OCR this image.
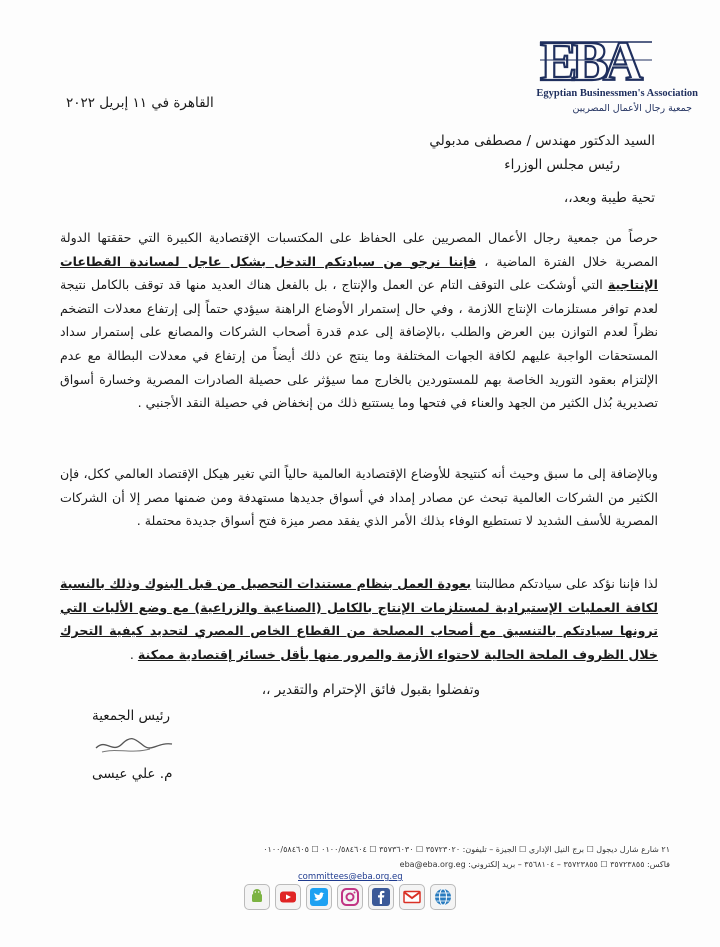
EBA
Egyptian Businessmen's Association
جمعية رجال الأعمال المصريين
القاهرة في ١١ إبريل ٢٠٢٢
السيد الدكتور مهندس / مصطفى مدبولي
رئيس مجلس الوزراء
تحية طيبة وبعد،،
حرصاً من جمعية رجال الأعمال المصريين على الحفاظ على المكتسبات الإقتصادية الكبيرة التي حققتها الدولة المصرية خلال الفترة الماضية ، فإننا نرجو من سيادتكم التدخل بشكل عاجل لمساندة القطاعات الإنتاجية التي أوشكت على التوقف التام عن العمل والإنتاج ، بل بالفعل هناك العديد منها قد توقف بالكامل نتيجة لعدم توافر مستلزمات الإنتاج اللازمة ، وفي حال إستمرار الأوضاع الراهنة سيؤدي حتماً إلى إرتفاع معدلات التضخم نظراً لعدم التوازن بين العرض والطلب ،بالإضافة إلى عدم قدرة أصحاب الشركات والمصانع على إستمرار سداد المستحقات الواجبة عليهم لكافة الجهات المختلفة وما ينتج عن ذلك أيضاً من إرتفاع في معدلات البطالة مع عدم الإلتزام بعقود التوريد الخاصة بهم للمستوردين بالخارج مما سيؤثر على حصيلة الصادرات المصرية وخسارة أسواق تصديرية بُذل الكثير من الجهد والعناء في فتحها وما يستتبع ذلك من إنخفاض في حصيلة النقد الأجنبي .
وبالإضافة إلى ما سبق وحيث أنه كنتيجة للأوضاع الإقتصادية العالمية حالياً التي تغير هيكل الإقتصاد العالمي ككل، فإن الكثير من الشركات العالمية تبحث عن مصادر إمداد في أسواق جديدها مستهدفة ومن ضمنها مصر إلا أن الشركات المصرية للأسف الشديد لا تستطيع الوفاء بذلك الأمر الذي يفقد مصر ميزة فتح أسواق جديدة محتملة .
لذا فإننا نؤكد على سيادتكم مطالبتنا بعودة العمل بنظام مستندات التحصيل من قبل البنوك وذلك بالنسبة لكافة العمليات الإستيرادية لمستلزمات الإنتاج بالكامل (الصناعية والزراعية) مع وضع الأليات التي ترونها سيادتكم بالتنسيق مع أصحاب المصلحة من القطاع الخاص المصري لتحديد كيفية التحرك خلال الظروف الملحة الحالية لاحتواء الأزمة والمرور منها بأقل خسائر إقتصادية ممكنة .
وتفضلوا بقبول فائق الإحترام والتقدير ،،
رئيس الجمعية
م. علي عيسى
٢١ شارع شارل ديجول ☐ برج النيل الإداري ☐ الجيزة – تليفون: ٣٥٧٢٣٠٢٠ ☐ ٣٥٧٣٦٠٣٠ ☐ ٠١٠٠/٥٨٤٦٠٤ ☐ ٠١٠٠/٥٨٤٦٠٥
فاكس: ٣٥٧٢٣٨٥٥ ☐ ٣٥٧٢٣٨٥٥ – ٣٥٦٨١٠٤ – بريد إلكتروني: eba@eba.org.eg
committees@eba.org.eg
